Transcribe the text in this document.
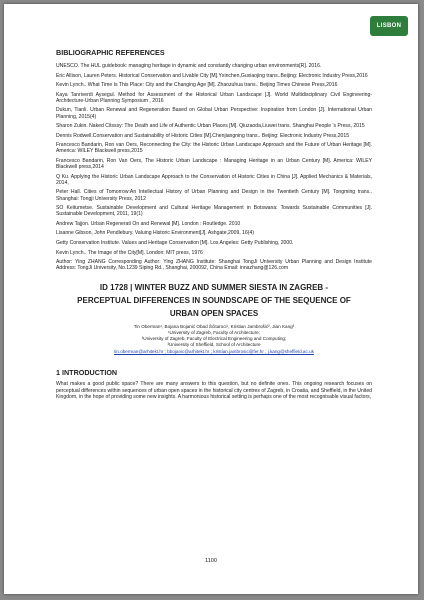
LISBON
BIBLIOGRAPHIC REFERENCES
UNESCO. The HUL guidebook: managing heritage in dynamic and constantly changing urban environments[R]. 2016.
Eric Allison, Lauren Peters. Historical Conservation and Livable City [M].Yxinchen,Guxiaojing trans..Beijing: Electronic Industry Press,2016
Kevin Lynch.. What Time Is This Place: City and the Changing Age [M]. Zhaozuhua trans.. Beijing Times Chinese Press,2016
Kaya Tanriverdi Aysegul. Method for Assessment of the Historical Urban Landscape [J]. World Multidisciplinary Civil Engineering-Architecture-Urban Planning Symposium , 2016
Dukun, Tianli. Urban Renewal and Regeneration Based on Global Urban Perspective: Inspiration from London [J]. International Urban Planning, 2015(4)
Sharon Zukin. Naked Citsssy: The Death and Life of Authentic Urban Places [M]. Qiuzaoda,Liuwei trans. Shanghai People 's Press, 2015
Dennis Rodwell.Conservation and Sustainability of Historic Cities [M].Chenjiangning trans.. Beijing: Electronic Industry Press,2015
Francesco Bandarin, Ron van Oers, Reconnecting the City: the Historic Urban Landscape Approach and the Future of Urban Heritage [M]. America: WILEY Blackwell press,2015
Francesco Bandarin, Ron Van Oers, The Historic Urban Landscape : Managing Heritage in an Urban Century [M]. America: WILEY Blackwell press,2014
Q Ku. Applying the Historic Urban Landscape Approach to the Conservation of Historic Cities in China [J]. Applied Mechanics & Materials, 2014,
Peter Hall. Cities of Tomorrow:An Intellectual History of Urban Planning and Design in the Twentieth Century [M]. Tongming trans.. Shanghai: Tongji University Press, 2012
SO Keitumetse. Sustainable Development and Cultural Heritage Management in Botswana: Towards Sustainable Communities [J]. Sustainable Development, 2011, 19(1)
Andrew Tajjon. Urban Regenerati On and Renewal [M]. London : Routledge. 2010
Lisanne Gibson, John Pendlebury. Valuing Historic Environment[J]. Ashgate,2009, 16(4)
Getty Conservation Institute. Values and Heritage Conservation [M]. Los Angeles: Getty Publishing, 2000.
Kevin Lynch.. The Image of the City[M]. London: MIT press, 1976
Author: Ying ZHANG Corresponding Author: Ying ZHANG Institute: Shanghai TongJi University Urban Planning and Design Institute Address: TongJi University, No.1239 Siping Rd., Shanghai, 200092, China Email: innazhang@126.com
ID 1728 | WINTER BUZZ AND SUMMER SIESTA IN ZAGREB -
PERCEPTUAL DIFFERENCES IN SOUNDSCAPE OF THE SEQUENCE OF
URBAN OPEN SPACES
Tin Oberman¹, Bojana Bojanić Obad Šćitaroci¹, Kristian Jambrošić², Jian Kang³
¹University of Zagreb, Faculty of Architecture;
²University of Zagreb, Faculty of Electrical Engineering and Computing;
³University of Sheffield, School of Architecture
tin.oberman@arhitekt.hr ; bbojanic@arhitekt.hr ; kristian.jambrosic@fer.hr ; j.kang@sheffield.ac.uk
1 INTRODUCTION

What makes a good public space? There are many answers to this question, but no definite ones. This ongoing research focuses on perceptual differences within sequences of urban open spaces in the historical city centres of Zagreb, in Croatia, and Sheffield, in the United Kingdom, in the hope of providing some new insights. A harmonious historical setting is perhaps one of the most recognisable visual factors,

1100
